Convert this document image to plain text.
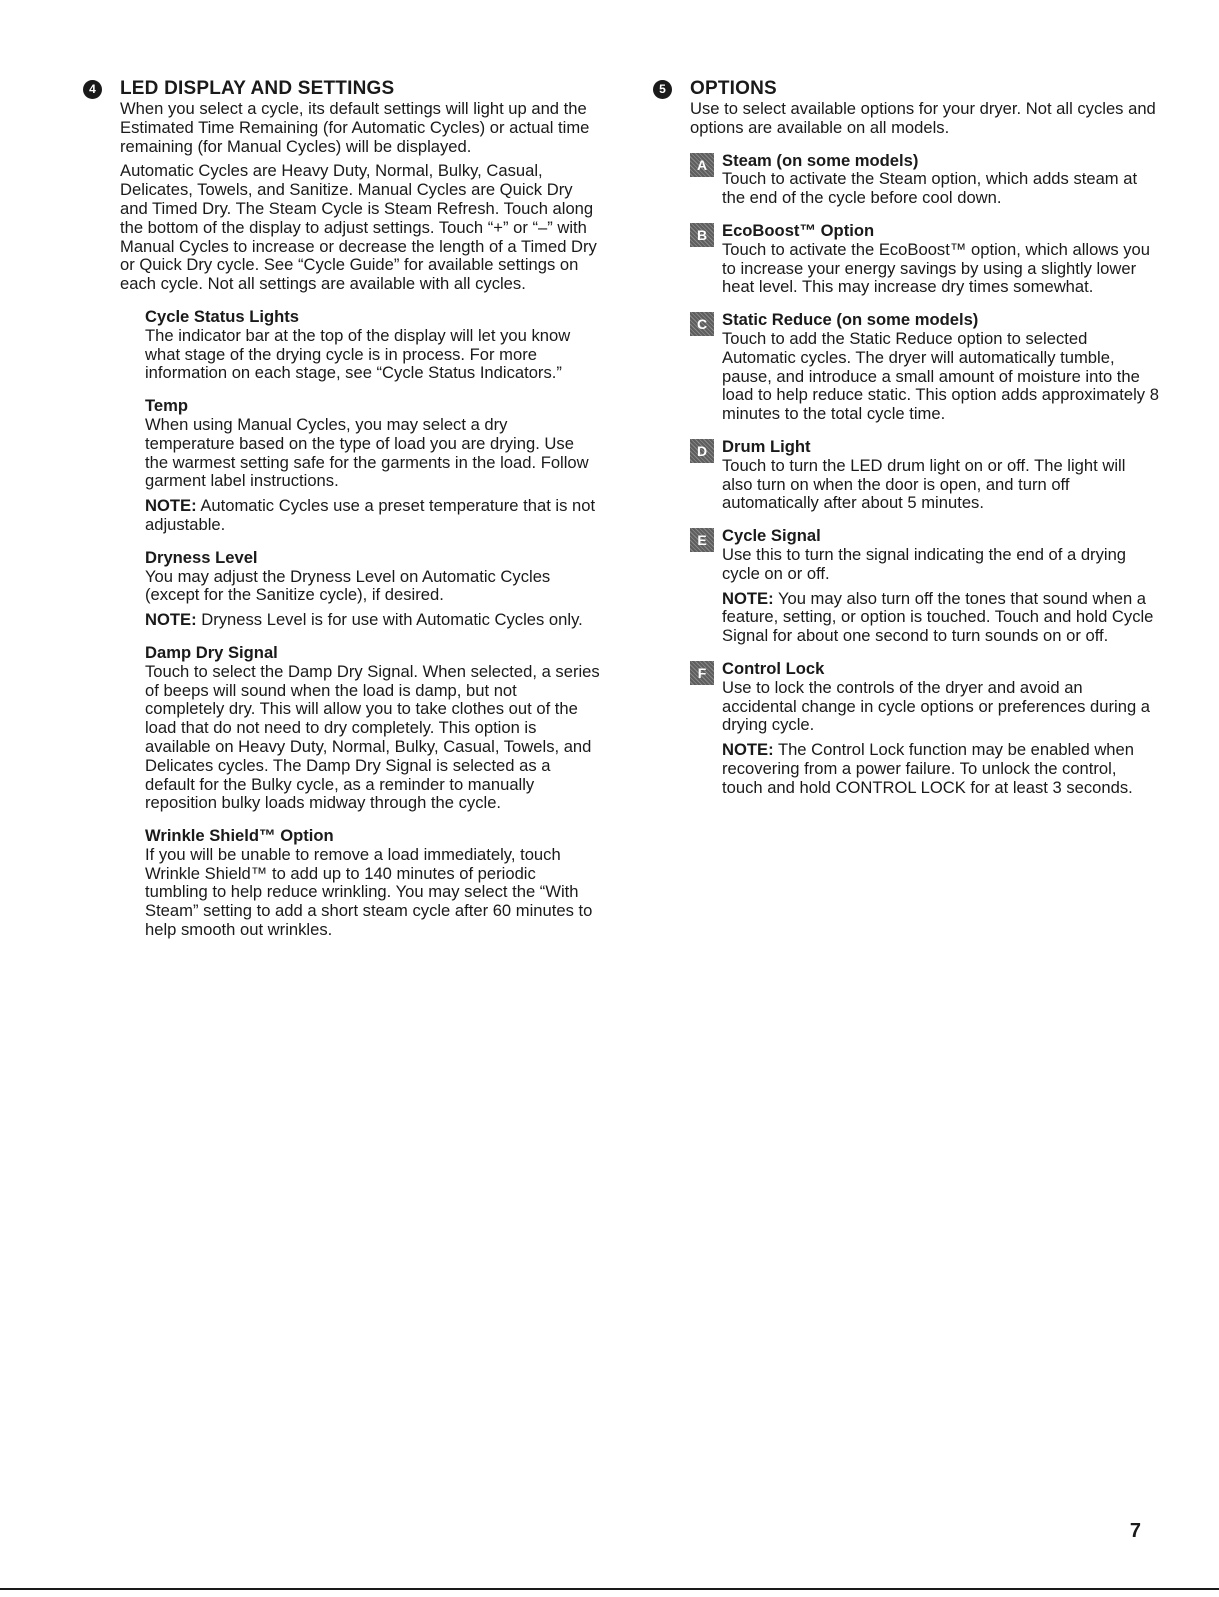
4	LED DISPLAY AND SETTINGS

When you select a cycle, its default settings will light up and the Estimated Time Remaining (for Automatic Cycles) or actual time remaining (for Manual Cycles) will be displayed.

Automatic Cycles are Heavy Duty, Normal, Bulky, Casual, Delicates, Towels, and Sanitize. Manual Cycles are Quick Dry and Timed Dry. The Steam Cycle is Steam Refresh. Touch along the bottom of the display to adjust settings. Touch “+” or “–” with Manual Cycles to increase or decrease the length of a Timed Dry or Quick Dry cycle. See “Cycle Guide” for available settings on each cycle. Not all settings are available with all cycles.

Cycle Status Lights

The indicator bar at the top of the display will let you know what stage of the drying cycle is in process. For more information on each stage, see “Cycle Status Indicators.”

Temp

When using Manual Cycles, you may select a dry temperature based on the type of load you are drying. Use the warmest setting safe for the garments in the load. Follow garment label instructions.

NOTE: Automatic Cycles use a preset temperature that is not adjustable.

Dryness Level

You may adjust the Dryness Level on Automatic Cycles (except for the Sanitize cycle), if desired.

NOTE: Dryness Level is for use with Automatic Cycles only.

Damp Dry Signal

Touch to select the Damp Dry Signal. When selected, a series of beeps will sound when the load is damp, but not completely dry. This will allow you to take clothes out of the load that do not need to dry completely. This option is available on Heavy Duty, Normal, Bulky, Casual, Towels, and Delicates cycles. The Damp Dry Signal is selected as a default for the Bulky cycle, as a reminder to manually reposition bulky loads midway through the cycle.

Wrinkle Shield™ Option

If you will be unable to remove a load immediately, touch Wrinkle Shield™ to add up to 140 minutes of periodic tumbling to help reduce wrinkling. You may select the “With Steam” setting to add a short steam cycle after 60 minutes to help smooth out wrinkles.

5	OPTIONS

Use to select available options for your dryer. Not all cycles and options are available on all models.

A Steam (on some models)

Touch to activate the Steam option, which adds steam at the end of the cycle before cool down.

B EcoBoost™ Option

Touch to activate the EcoBoost™ option, which allows you to increase your energy savings by using a slightly lower heat level. This may increase dry times somewhat.

C Static Reduce (on some models)

Touch to add the Static Reduce option to selected Automatic cycles. The dryer will automatically tumble, pause, and introduce a small amount of moisture into the load to help reduce static. This option adds approximately 8 minutes to the total cycle time.

D Drum Light

Touch to turn the LED drum light on or off. The light will also turn on when the door is open, and turn off automatically after about 5 minutes.

E Cycle Signal

Use this to turn the signal indicating the end of a drying cycle on or off.

NOTE: You may also turn off the tones that sound when a feature, setting, or option is touched. Touch and hold Cycle Signal for about one second to turn sounds on or off.

F Control Lock

Use to lock the controls of the dryer and avoid an accidental change in cycle options or preferences during a drying cycle.

NOTE: The Control Lock function may be enabled when recovering from a power failure. To unlock the control, touch and hold CONTROL LOCK for at least 3 seconds.

7
